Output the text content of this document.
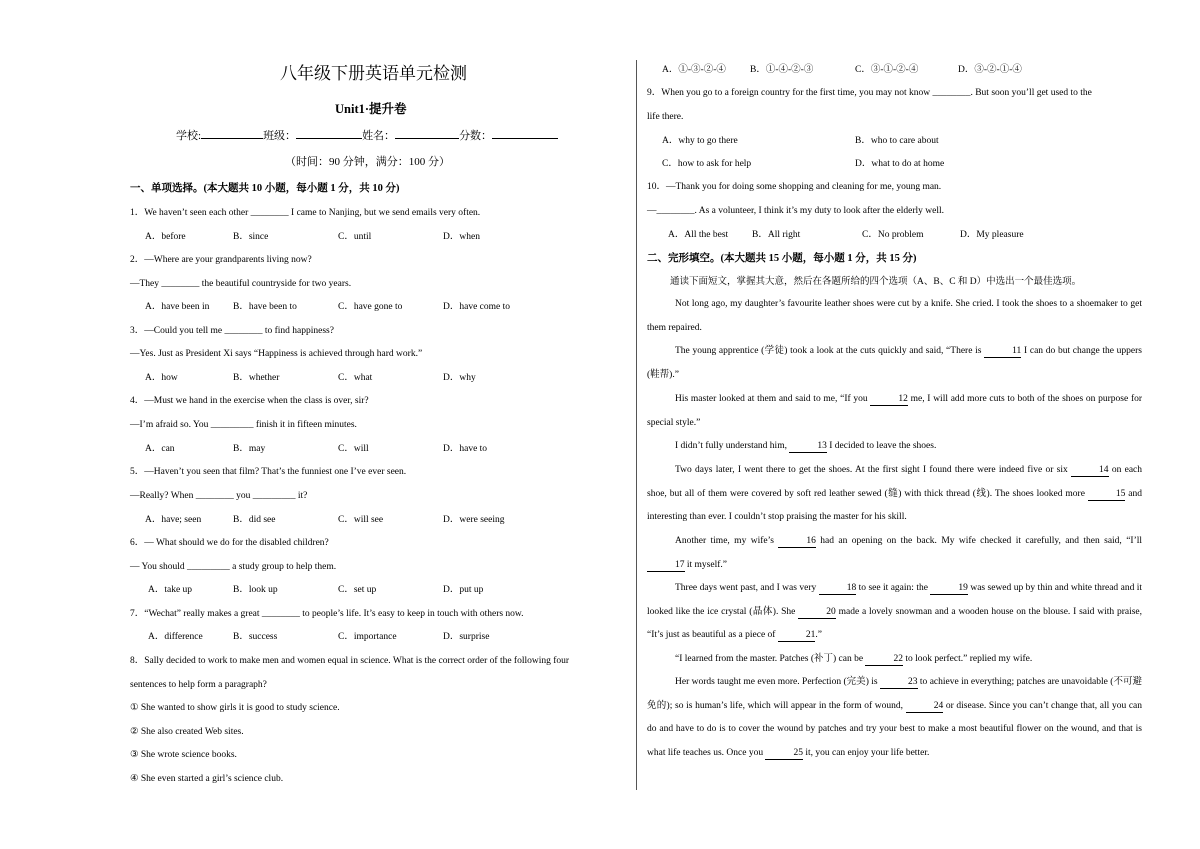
八年级下册英语单元检测
Unit1·提升卷
学校:	班级：	姓名：	分数：
（时间：90 分钟，满分：100 分）
一、单项选择。(本大题共 10 小题，每小题 1 分，共 10 分)
1．We haven’t seen each other ________ I came to Nanjing, but we send emails very often.
A．before	B．since	C．until	D．when
2．—Where are your grandparents living now?
—They ________ the beautiful countryside for two years.
A．have been in B．have been to	C．have gone to	D．have come to
3．—Could you tell me ________ to find happiness?
—Yes. Just as President Xi says “Happiness is achieved through hard work.”
A．how	B．whether	C．what	D．why
4．—Must we hand in the exercise when the class is over, sir?
—I’m afraid so. You _________ finish it in fifteen minutes.
A．can	B．may	C．will	D．have to
5．—Haven’t you seen that film? That’s the funniest one I’ve ever seen.
—Really? When ________ you _________ it?
A．have; seen	B．did see	C．will see	D．were seeing
6．— What should we do for the disabled children?
— You should _________ a study group to help them.
A．take up	B．look up	C．set up	D．put up
7．“Wechat” really makes a great ________ to people’s life. It’s easy to keep in touch with others now.
A．difference	B．success	C．importance	D．surprise
8．Sally decided to work to make men and women equal in science. What is the correct order of the following four
sentences to help form a paragraph?
① She wanted to show girls it is good to study science.
② She also created Web sites.
③ She wrote science books.
④ She even started a girl’s science club.
A．①-③-②-④	B．①-④-②-③	C．③-①-②-④	D．③-②-①-④
9．When you go to a foreign country for the first time, you may not know ________. But soon you’ll get used to the
life there.
A．why to go there	B．who to care about
C．how to ask for help	D．what to do at home
10．—Thank you for doing some shopping and cleaning for me, young man.
—________. As a volunteer, I think it’s my duty to look after the elderly well.
A．All the best	B．All right	C．No problem	D．My pleasure
二、完形填空。(本大题共 15 小题，每小题 1 分，共 15 分)
通读下面短文，掌握其大意，然后在各题所给的四个选项（A、B、C 和 D）中选出一个最佳选项。
Not long ago, my daughter’s favourite leather shoes were cut by a knife. She cried. I took the shoes to a shoemaker to get them repaired.
The young apprentice (学徒) took a look at the cuts quickly and said, “There is	11 I can do but change the uppers (鞋帮).”
His master looked at them and said to me, “If you	12 me, I will add more cuts to both of the shoes on purpose for special style.”
I didn’t fully understand him,	13 I decided to leave the shoes.
Two days later, I went there to get the shoes. At the first sight I found there were indeed five or six	14 on each shoe, but all of them were covered by soft red leather sewed (缝) with thick thread (线). The shoes looked more	15 and interesting than ever. I couldn’t stop praising the master for his skill.
Another time, my wife’s	16 had an opening on the back. My wife checked it carefully, and then said, “I’ll 17 it myself.”
Three days went past, and I was very	18 to see it again: the	19 was sewed up by thin and white thread and it looked like the ice crystal (晶体). She	20 made a lovely snowman and a wooden house on the blouse. I said with praise, “It’s just as beautiful as a piece of	21.”
“I learned from the master. Patches (补丁) can be	22 to look perfect.” replied my wife.
Her words taught me even more. Perfection (完美) is	23 to achieve in everything; patches are unavoidable (不可避免的); so is human’s life, which will appear in the form of wound,	24 or disease. Since you can’t change that, all you can do and have to do is to cover the wound by patches and try your best to make a most beautiful flower on the wound, and that is what life teaches us. Once you	25 it, you can enjoy your life better.
